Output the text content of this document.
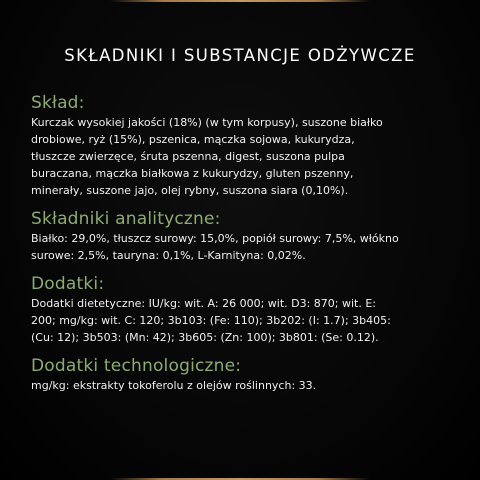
SKŁADNIKI I SUBSTANCJE ODŻYWCZE
Skład:
Kurczak wysokiej jakości (18%) (w tym korpusy), suszone białko
drobiowe, ryż (15%), pszenica, mączka sojowa, kukurydza,
tłuszcze zwierzęce, śruta pszenna, digest, suszona pulpa
buraczana, mączka białkowa z kukurydzy, gluten pszenny,
minerały, suszone jajo, olej rybny, suszona siara (0,10%).
Składniki analityczne:
Białko: 29,0%, tłuszcz surowy: 15,0%, popiół surowy: 7,5%, włókno
surowe: 2,5%, tauryna: 0,1%, L-Karnityna: 0,02%.
Dodatki:
Dodatki dietetyczne: IU/kg: wit. A: 26 000; wit. D3: 870; wit. E:
200; mg/kg: wit. C: 120; 3b103: (Fe: 110); 3b202: (I: 1.7); 3b405:
(Cu: 12); 3b503: (Mn: 42); 3b605: (Zn: 100); 3b801: (Se: 0.12).
Dodatki technologiczne:
mg/kg: ekstrakty tokoferolu z olejów roślinnych: 33.
